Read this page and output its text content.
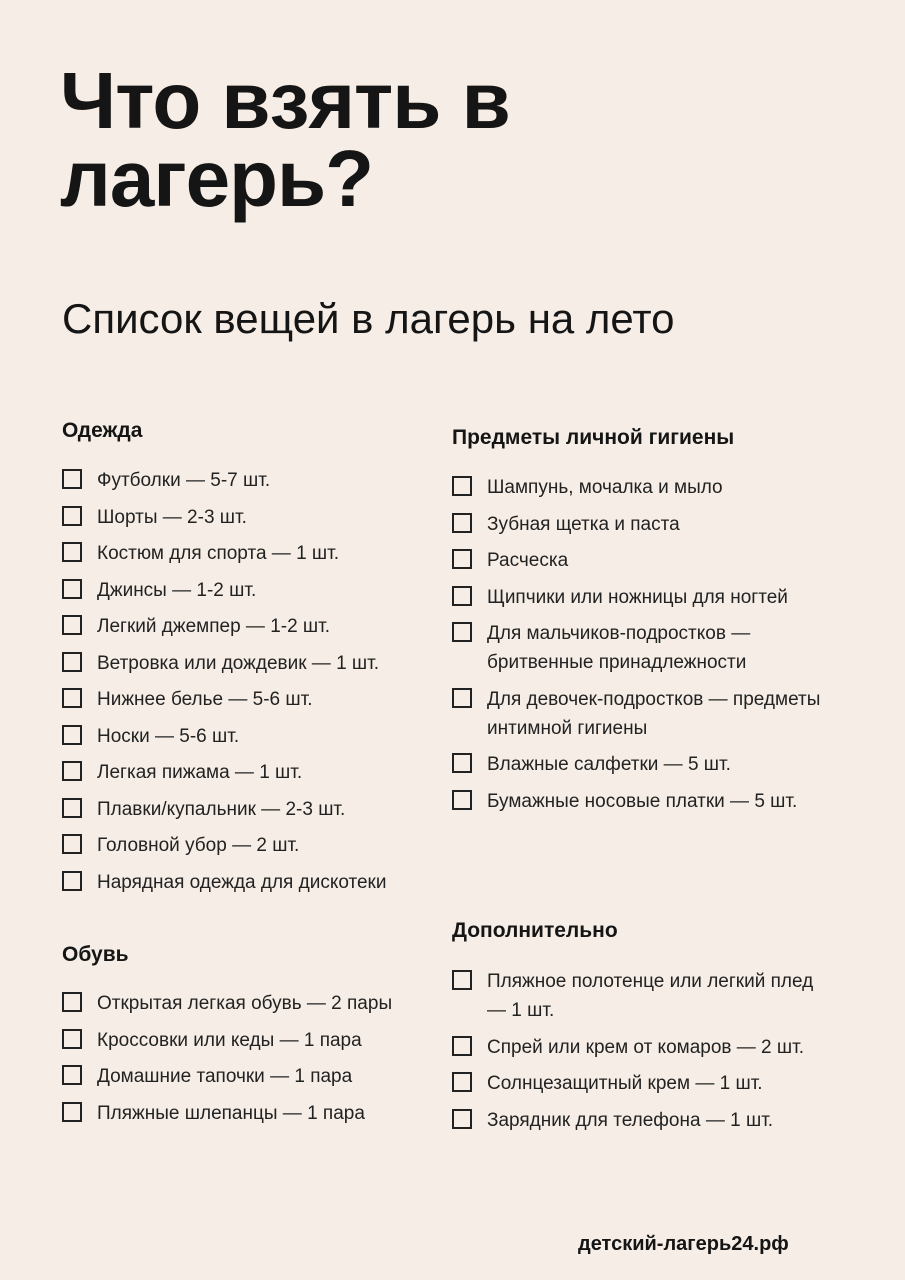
Что взять в лагерь?
Список вещей в лагерь на лето
Одежда
Футболки — 5-7 шт.
Шорты — 2-3 шт.
Костюм для спорта — 1 шт.
Джинсы — 1-2 шт.
Легкий джемпер — 1-2 шт.
Ветровка или дождевик — 1 шт.
Нижнее белье — 5-6 шт.
Носки — 5-6 шт.
Легкая пижама — 1 шт.
Плавки/купальник — 2-3 шт.
Головной убор — 2 шт.
Нарядная одежда для дискотеки
Обувь
Открытая легкая обувь — 2 пары
Кроссовки или кеды — 1 пара
Домашние тапочки — 1 пара
Пляжные шлепанцы — 1 пара
Предметы личной гигиены
Шампунь, мочалка и мыло
Зубная щетка и паста
Расческа
Щипчики или ножницы для ногтей
Для мальчиков-подростков — бритвенные принадлежности
Для девочек-подростков — предметы интимной гигиены
Влажные салфетки — 5 шт.
Бумажные носовые платки — 5 шт.
Дополнительно
Пляжное полотенце или легкий плед — 1 шт.
Спрей или крем от комаров — 2 шт.
Солнцезащитный крем — 1 шт.
Зарядник для телефона — 1 шт.
детский-лагерь24.рф
